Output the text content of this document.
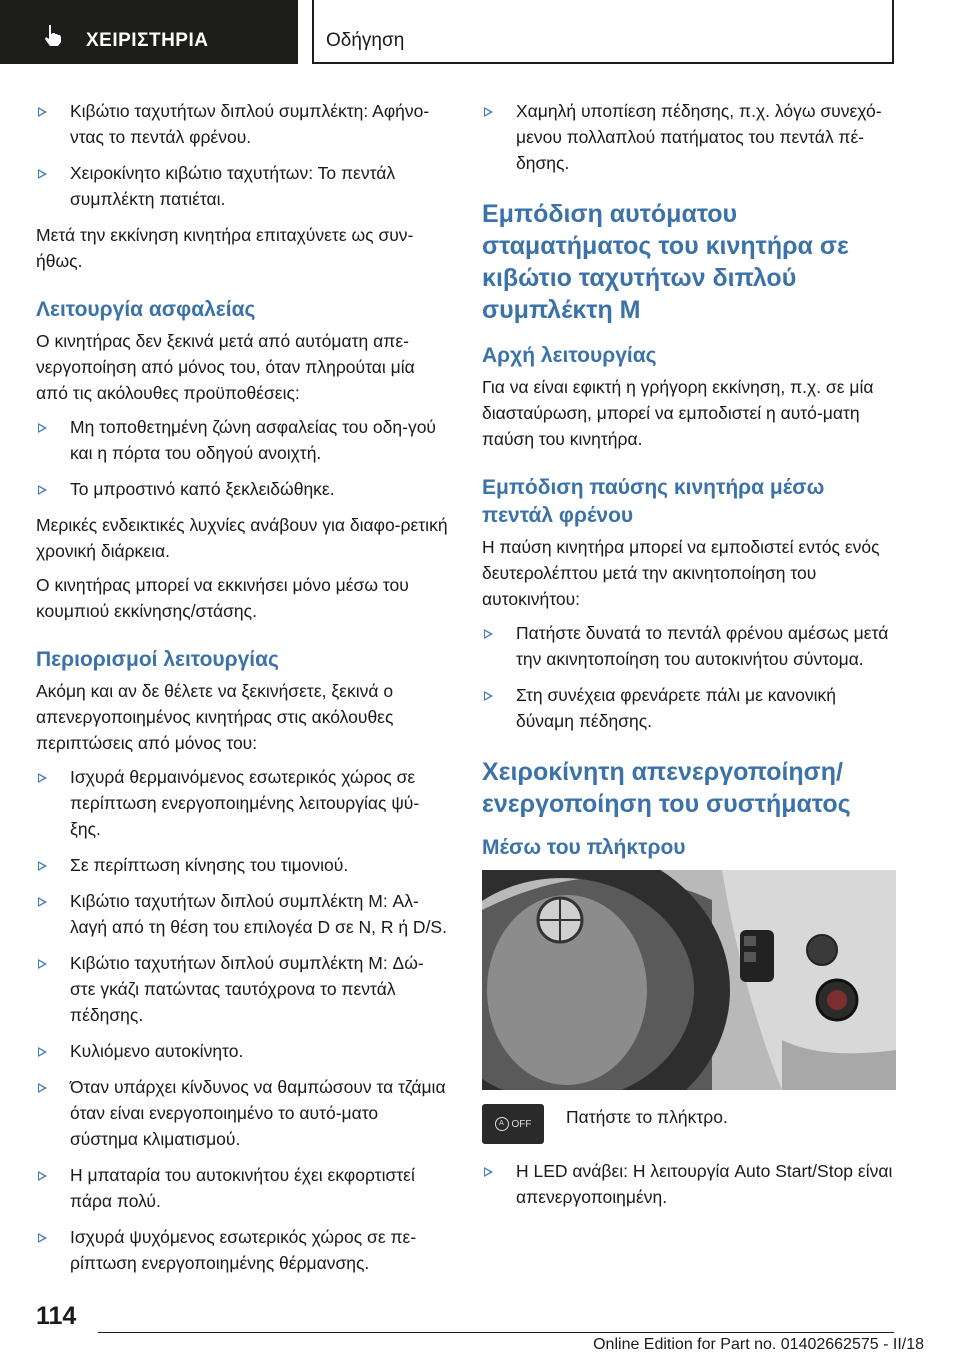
ΧΕΙΡΙΣΤΗΡΙΑ	Οδήγηση
Κιβώτιο ταχυτήτων διπλού συμπλέκτη: Αφήνο-ντας το πεντάλ φρένου.
Χειροκίνητο κιβώτιο ταχυτήτων: Το πεντάλ συμπλέκτη πατιέται.

Μετά την εκκίνηση κινητήρα επιταχύνετε ως συν-ήθως.

Λειτουργία ασφαλείας

Ο κινητήρας δεν ξεκινά μετά από αυτόματη απε-νεργοποίηση από μόνος του, όταν πληρούται μία από τις ακόλουθες προϋποθέσεις:

Μη τοποθετημένη ζώνη ασφαλείας του οδη-γού και η πόρτα του οδηγού ανοιχτή.
Το μπροστινό καπό ξεκλειδώθηκε.

Μερικές ενδεικτικές λυχνίες ανάβουν για διαφο-ρετική χρονική διάρκεια.

Ο κινητήρας μπορεί να εκκινήσει μόνο μέσω του κουμπιού εκκίνησης/στάσης.

Περιορισμοί λειτουργίας

Ακόμη και αν δε θέλετε να ξεκινήσετε, ξεκινά ο απενεργοποιημένος κινητήρας στις ακόλουθες περιπτώσεις από μόνος του:

Ισχυρά θερμαινόμενος εσωτερικός χώρος σε περίπτωση ενεργοποιημένης λειτουργίας ψύ-ξης.
Σε περίπτωση κίνησης του τιμονιού.
Κιβώτιο ταχυτήτων διπλού συμπλέκτη M: Αλ-λαγή από τη θέση του επιλογέα D σε N, R ή D/S.
Κιβώτιο ταχυτήτων διπλού συμπλέκτη M: Δώ-στε γκάζι πατώντας ταυτόχρονα το πεντάλ πέδησης.
Κυλιόμενο αυτοκίνητο.
Όταν υπάρχει κίνδυνος να θαμπώσουν τα τζάμια όταν είναι ενεργοποιημένο το αυτό-ματο σύστημα κλιματισμού.
Η μπαταρία του αυτοκινήτου έχει εκφορτιστεί πάρα πολύ.
Ισχυρά ψυχόμενος εσωτερικός χώρος σε πε-ρίπτωση ενεργοποιημένης θέρμανσης.
Χαμηλή υποπίεση πέδησης, π.χ. λόγω συνεχό-μενου πολλαπλού πατήματος του πεντάλ πέ-δησης.
Εμπόδιση αυτόματου σταματήματος του κινητήρα σε κιβώτιο ταχυτήτων διπλού συμπλέκτη M
Αρχή λειτουργίας

Για να είναι εφικτή η γρήγορη εκκίνηση, π.χ. σε μία διασταύρωση, μπορεί να εμποδιστεί η αυτό-ματη παύση του κινητήρα.

Εμπόδιση παύσης κινητήρα μέσω πεντάλ φρένου

Η παύση κινητήρα μπορεί να εμποδιστεί εντός ενός δευτερολέπτου μετά την ακινητοποίηση του αυτοκινήτου:

Πατήστε δυνατά το πεντάλ φρένου αμέσως μετά την ακινητοποίηση του αυτοκινήτου σύντομα.
Στη συνέχεια φρενάρετε πάλι με κανονική δύναμη πέδησης.
Χειροκίνητη απενεργοποίηση/ ενεργοποίηση του συστήματος
Μέσω του πλήκτρου
A OFF Πατήστε το πλήκτρο.
Η LED ανάβει: Η λειτουργία Auto Start/Stop είναι απενεργοποιημένη.
114
Online Edition for Part no. 01402662575 - II/18
